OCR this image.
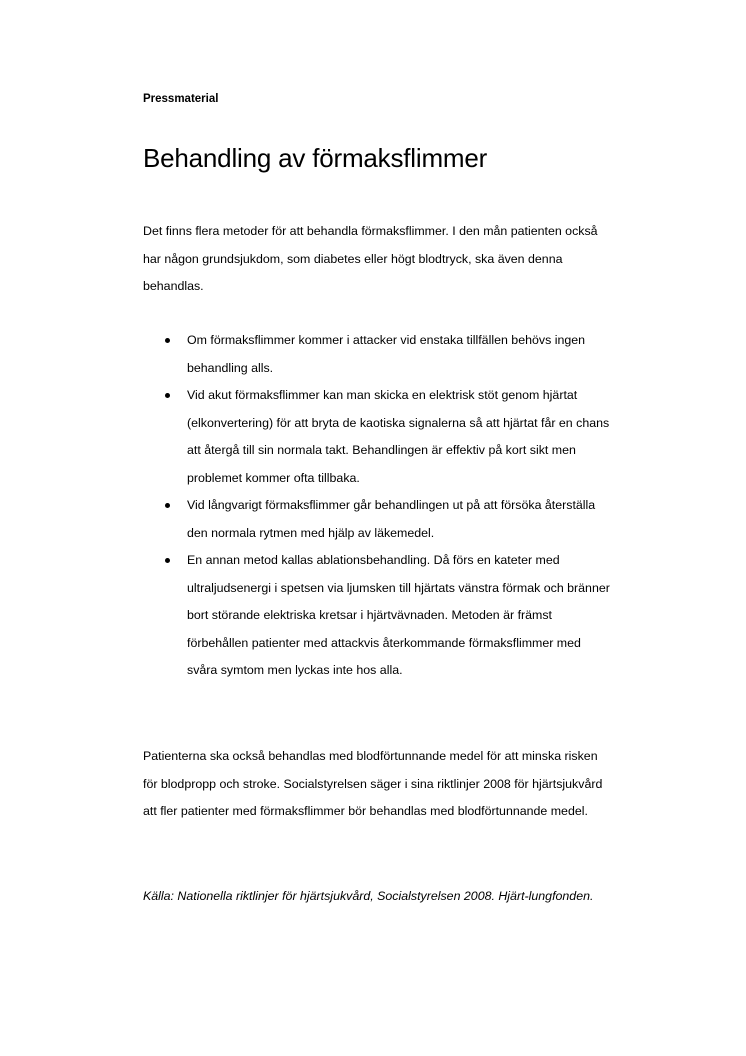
Pressmaterial
Behandling av förmaksflimmer

Det finns flera metoder för att behandla förmaksflimmer. I den mån patienten också har någon grundsjukdom, som diabetes eller högt blodtryck, ska även denna behandlas.

Om förmaksflimmer kommer i attacker vid enstaka tillfällen behövs ingen behandling alls.
Vid akut förmaksflimmer kan man skicka en elektrisk stöt genom hjärtat (elkonvertering) för att bryta de kaotiska signalerna så att hjärtat får en chans att återgå till sin normala takt. Behandlingen är effektiv på kort sikt men problemet kommer ofta tillbaka.
Vid långvarigt förmaksflimmer går behandlingen ut på att försöka återställa den normala rytmen med hjälp av läkemedel.
En annan metod kallas ablationsbehandling. Då förs en kateter med ultraljudsenergi i spetsen via ljumsken till hjärtats vänstra förmak och bränner bort störande elektriska kretsar i hjärtvävnaden. Metoden är främst förbehållen patienter med attackvis återkommande förmaksflimmer med svåra symtom men lyckas inte hos alla.

Patienterna ska också behandlas med blodförtunnande medel för att minska risken för blodpropp och stroke. Socialstyrelsen säger i sina riktlinjer 2008 för hjärtsjukvård att fler patienter med förmaksflimmer bör behandlas med blodförtunnande medel.

Källa: Nationella riktlinjer för hjärtsjukvård, Socialstyrelsen 2008. Hjärt-lungfonden.
